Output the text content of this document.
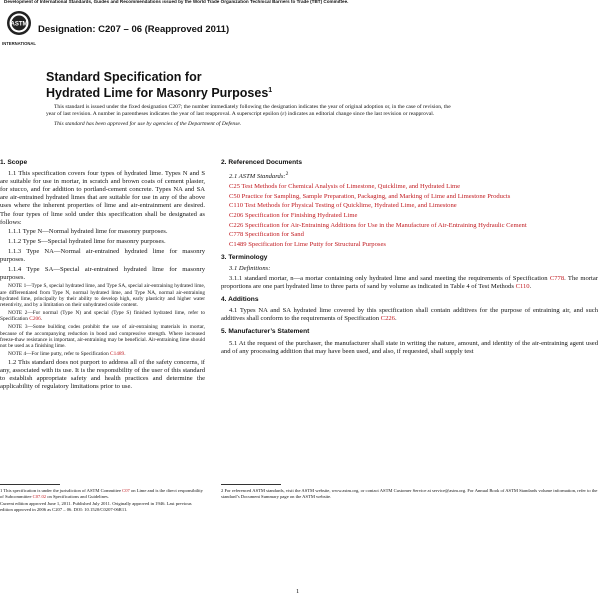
Development of International Standards, Guides and Recommendations issued by the World Trade Organization Technical Barriers to Trade (TBT) Committee.
ASTM
INTERNATIONAL
Designation: C207 – 06 (Reapproved 2011)
Standard Specification for
Hydrated Lime for Masonry Purposes$^1$

This standard is issued under the fixed designation C207; the number immediately following the designation indicates the year of original adoption or, in the case of revision, the year of last revision. A number in parentheses indicates the year of last reapproval. A superscript epsilon (ε) indicates an editorial change since the last revision or reapproval.

This standard has been approved for use by agencies of the Department of Defense.

1. Scope

1.1 This specification covers four types of hydrated lime. Types N and S are suitable for use in mortar, in scratch and brown coats of cement plaster, for stucco, and for addition to portland-cement concrete. Types NA and SA are air-entrained hydrated limes that are suitable for use in any of the above uses where the inherent properties of lime and air-entrainment are desired. The four types of lime sold under this specification shall be designated as follows:

1.1.1 Type N—Normal hydrated lime for masonry purposes.

1.1.2 Type S—Special hydrated lime for masonry purposes.

1.1.3 Type NA—Normal air-entrained hydrated lime for masonry purposes.

1.1.4 Type SA—Special air-entrained hydrated lime for masonry purposes.

NOTE 1—Type S, special hydrated lime, and Type SA, special air-entraining hydrated lime, are differentiated from Type N, normal hydrated lime, and Type NA, normal air-entraining hydrated lime, principally by their ability to develop high, early plasticity and higher water retentivity, and by a limitation on their unhydrated oxide content.

NOTE 2—For normal (Type N) and special (Type S) finished hydrated lime, refer to Specification C206.

NOTE 3—Some building codes prohibit the use of air-entraining materials in mortar, because of the accompanying reduction in bond and compressive strength. Where increased freeze-thaw resistance is important, air-entraining may be beneficial. Air-entraining lime should not be used as a finishing lime.

NOTE 4—For lime putty, refer to Specification C1489.

1.2 This standard does not purport to address all of the safety concerns, if any, associated with its use. It is the responsibility of the user of this standard to establish appropriate safety and health practices and determine the applicability of regulatory limitations prior to use.

1 This specification is under the jurisdiction of ASTM Committee C07 on Lime and is the direct responsibility of Subcommittee C07.02 on Specifications and Guidelines.

Current edition approved June 1, 2011. Published July 2011. Originally approved in 1946. Last previous edition approved in 2006 as C207 – 06. DOI: 10.1520/C0207-06R11.

2. Referenced Documents

2.1 ASTM Standards:$^2$

C25 Test Methods for Chemical Analysis of Limestone, Quicklime, and Hydrated Lime

C50 Practice for Sampling, Sample Preparation, Packaging, and Marking of Lime and Limestone Products

C110 Test Methods for Physical Testing of Quicklime, Hydrated Lime, and Limestone

C206 Specification for Finishing Hydrated Lime

C226 Specification for Air-Entraining Additions for Use in the Manufacture of Air-Entraining Hydraulic Cement

C778 Specification for Sand

C1489 Specification for Lime Putty for Structural Purposes

3. Terminology

3.1 Definitions:

3.1.1 standard mortar, n—a mortar containing only hydrated lime and sand meeting the requirements of Specification C778. The mortar proportions are one part hydrated lime to three parts of sand by volume as indicated in Table 4 of Test Methods C110.

4. Additions

4.1 Types NA and SA hydrated lime covered by this specification shall contain additives for the purpose of entraining air, and such additives shall conform to the requirements of Specification C226.

5. Manufacturer’s Statement

5.1 At the request of the purchaser, the manufacturer shall state in writing the nature, amount, and identity of the air-entraining agent used and of any processing addition that may have been used, and also, if requested, shall supply test

2 For referenced ASTM standards, visit the ASTM website, www.astm.org, or contact ASTM Customer Service at service@astm.org. For Annual Book of ASTM Standards volume information, refer to the standard’s Document Summary page on the ASTM website.

1
